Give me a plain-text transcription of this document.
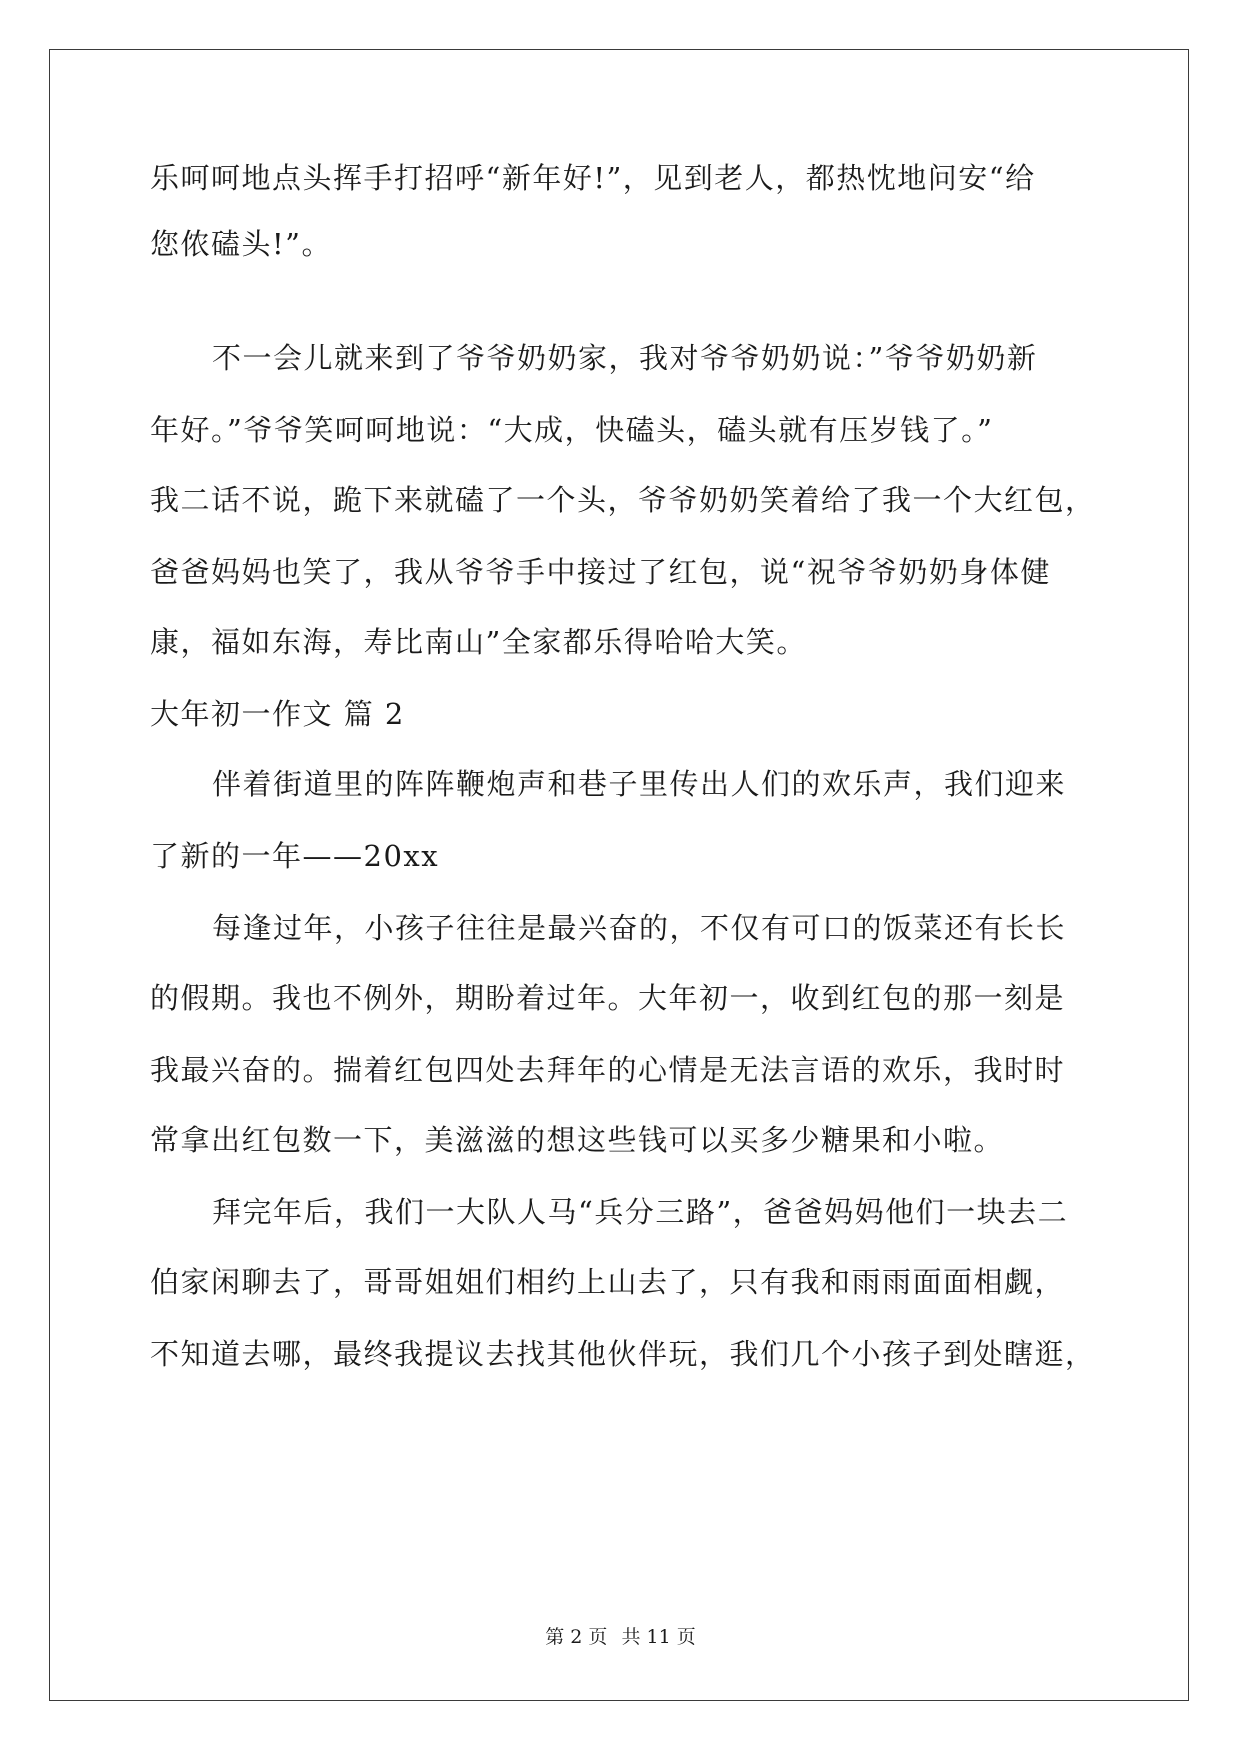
乐呵呵地点头挥手打招呼“新年好!”，见到老人，都热忱地问安“给
您侬磕头!”。
不一会儿就来到了爷爷奶奶家，我对爷爷奶奶说：”爷爷奶奶新
年好。”爷爷笑呵呵地说：“大成，快磕头，磕头就有压岁钱了。”
我二话不说，跪下来就磕了一个头，爷爷奶奶笑着给了我一个大红包，
爸爸妈妈也笑了，我从爷爷手中接过了红包，说“祝爷爷奶奶身体健
康，福如东海，寿比南山”全家都乐得哈哈大笑。
大年初一作文 篇 2
伴着街道里的阵阵鞭炮声和巷子里传出人们的欢乐声，我们迎来
了新的一年——20xx
每逢过年，小孩子往往是最兴奋的，不仅有可口的饭菜还有长长
的假期。我也不例外，期盼着过年。大年初一，收到红包的那一刻是
我最兴奋的。揣着红包四处去拜年的心情是无法言语的欢乐，我时时
常拿出红包数一下，美滋滋的想这些钱可以买多少糖果和小啦。
拜完年后，我们一大队人马“兵分三路”，爸爸妈妈他们一块去二
伯家闲聊去了，哥哥姐姐们相约上山去了，只有我和雨雨面面相觑，
不知道去哪，最终我提议去找其他伙伴玩，我们几个小孩子到处瞎逛，
第 2 页 共 11 页
